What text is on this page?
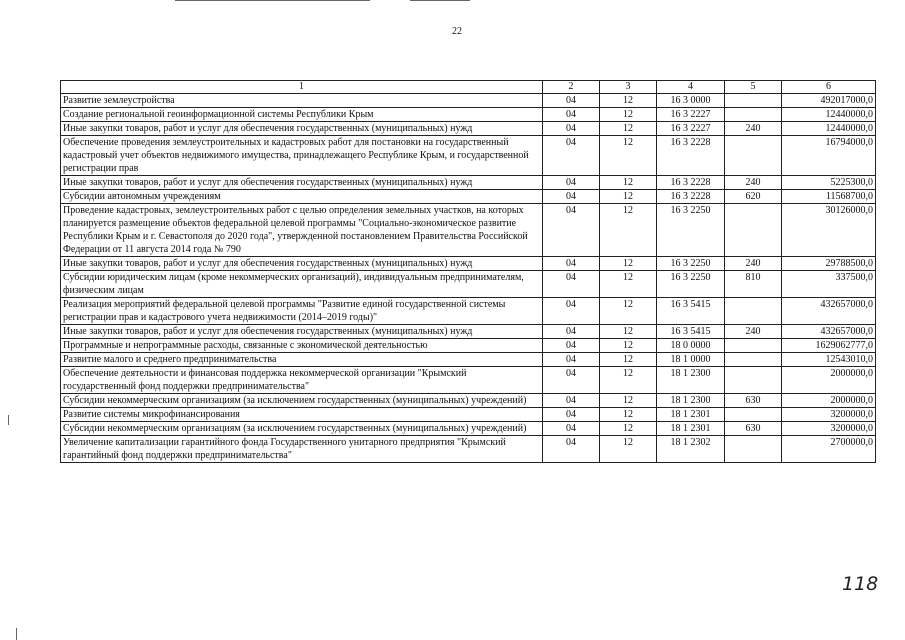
22
1	2	3	4	5	6
Развитие землеустройства	04	12	16 3 0000		492017000,0
Создание региональной геоинформационной системы Республики Крым	04	12	16 3 2227		12440000,0
Иные закупки товаров, работ и услуг для обеспечения государственных (муниципальных) нужд	04	12	16 3 2227	240	12440000,0
Обеспечение проведения землеустроительных и кадастровых работ для постановки на государственный кадастровый учет объектов недвижимого имущества, принадлежащего Республике Крым, и государственной регистрации прав	04	12	16 3 2228		16794000,0
Иные закупки товаров, работ и услуг для обеспечения государственных (муниципальных) нужд	04	12	16 3 2228	240	5225300,0
Субсидии автономным учреждениям	04	12	16 3 2228	620	11568700,0
Проведение кадастровых, землеустроительных работ с целью определения земельных участков, на которых планируется размещение объектов федеральной целевой программы "Социально-экономическое развитие Республики Крым и г. Севастополя до 2020 года", утвержденной постановлением Правительства Российской Федерации от 11 августа 2014 года № 790	04	12	16 3 2250		30126000,0
Иные закупки товаров, работ и услуг для обеспечения государственных (муниципальных) нужд	04	12	16 3 2250	240	29788500,0
Субсидии юридическим лицам (кроме некоммерческих организаций), индивидуальным предпринимателям, физическим лицам	04	12	16 3 2250	810	337500,0
Реализация мероприятий федеральной целевой программы "Развитие единой государственной системы регистрации прав и кадастрового учета недвижимости (2014–2019 годы)"	04	12	16 3 5415		432657000,0
Иные закупки товаров, работ и услуг для обеспечения государственных (муниципальных) нужд	04	12	16 3 5415	240	432657000,0
Программные и непрограммные расходы, связанные с экономической деятельностью	04	12	18 0 0000		1629062777,0
Развитие малого и среднего предпринимательства	04	12	18 1 0000		12543010,0
Обеспечение деятельности и финансовая поддержка некоммерческой организации "Крымский государственный фонд поддержки предпринимательства"	04	12	18 1 2300		2000000,0
Субсидии некоммерческим организациям (за исключением государственных (муниципальных) учреждений)	04	12	18 1 2300	630	2000000,0
Развитие системы микрофинансирования	04	12	18 1 2301		3200000,0
Субсидии некоммерческим организациям (за исключением государственных (муниципальных) учреждений)	04	12	18 1 2301	630	3200000,0
Увеличение капитализации гарантийного фонда Государственного унитарного предприятия "Крымский гарантийный фонд поддержки предпринимательства"	04	12	18 1 2302		2700000,0
118
